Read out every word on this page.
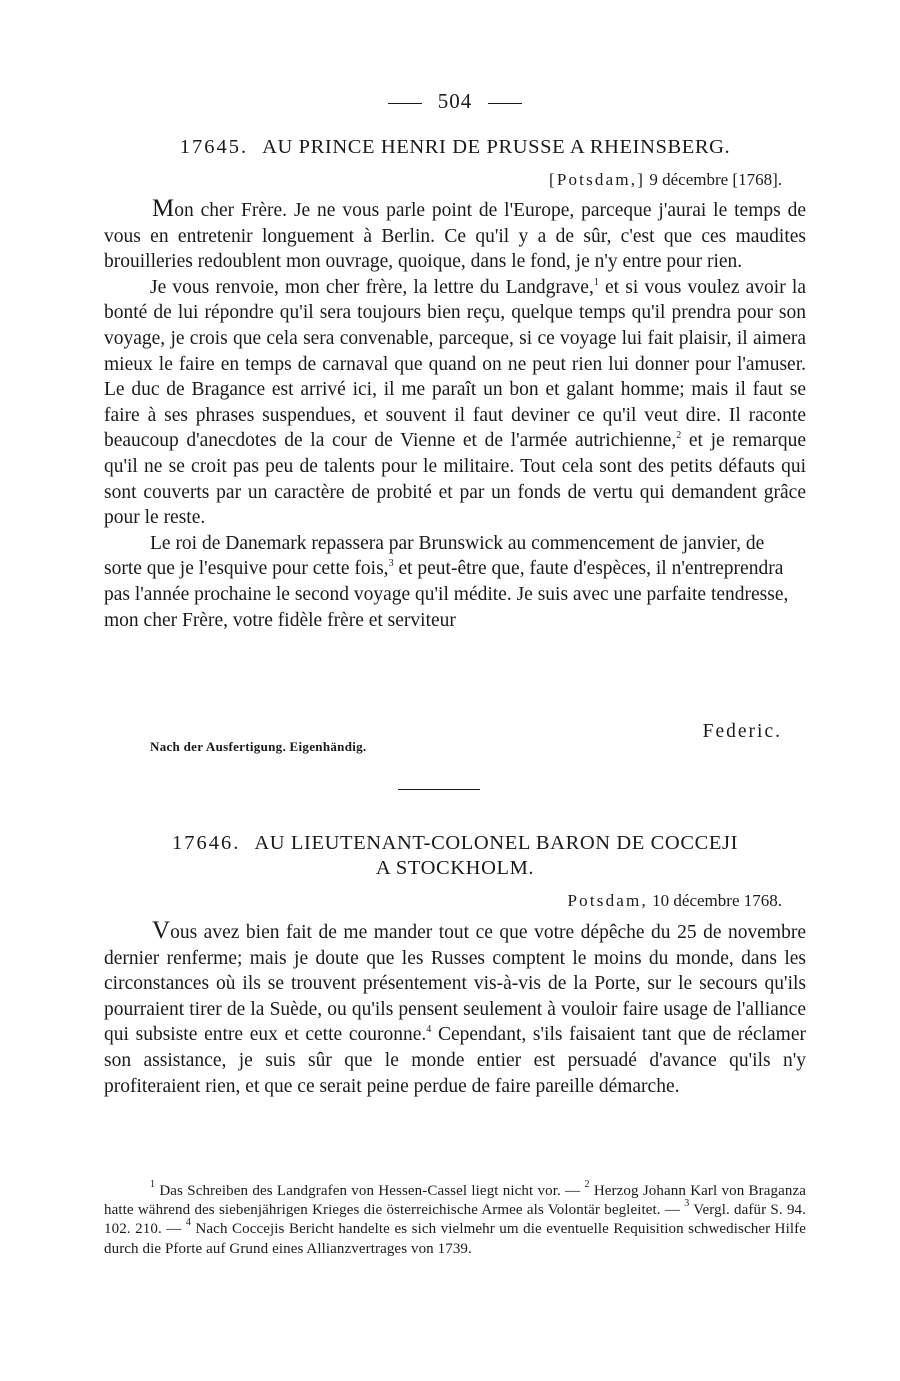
504
17645. AU PRINCE HENRI DE PRUSSE A RHEINSBERG.
[Potsdam,] 9 décembre [1768].

Mon cher Frère. Je ne vous parle point de l'Europe, parceque j'aurai le temps de vous en entretenir longuement à Berlin. Ce qu'il y a de sûr, c'est que ces maudites brouilleries redoublent mon ouvrage, quoique, dans le fond, je n'y entre pour rien.

Je vous renvoie, mon cher frère, la lettre du Landgrave,$^1$ et si vous voulez avoir la bonté de lui répondre qu'il sera toujours bien reçu, quelque temps qu'il prendra pour son voyage, je crois que cela sera convenable, parceque, si ce voyage lui fait plaisir, il aimera mieux le faire en temps de carnaval que quand on ne peut rien lui donner pour l'amuser. Le duc de Bragance est arrivé ici, il me paraît un bon et galant homme; mais il faut se faire à ses phrases suspendues, et souvent il faut deviner ce qu'il veut dire. Il raconte beaucoup d'anecdotes de la cour de Vienne et de l'armée autrichienne,$^2$ et je remarque qu'il ne se croit pas peu de talents pour le militaire. Tout cela sont des petits défauts qui sont couverts par un caractère de probité et par un fonds de vertu qui demandent grâce pour le reste.

Le roi de Danemark repassera par Brunswick au commencement de janvier, de sorte que je l'esquive pour cette fois,$^3$ et peut-être que, faute d'espèces, il n'entreprendra pas l'année prochaine le second voyage qu'il médite. Je suis avec une parfaite tendresse, mon cher Frère, votre fidèle frère et serviteur

Federic.
Nach der Ausfertigung. Eigenhändig.
17646. AU LIEUTENANT-COLONEL BARON DE COCCEJI
A STOCKHOLM.
Potsdam, 10 décembre 1768.

Vous avez bien fait de me mander tout ce que votre dépêche du 25 de novembre dernier renferme; mais je doute que les Russes comptent le moins du monde, dans les circonstances où ils se trouvent présentement vis-à-vis de la Porte, sur le secours qu'ils pourraient tirer de la Suède, ou qu'ils pensent seulement à vouloir faire usage de l'alliance qui subsiste entre eux et cette couronne.$^4$ Cependant, s'ils faisaient tant que de réclamer son assistance, je suis sûr que le monde entier est persuadé d'avance qu'ils n'y profiteraient rien, et que ce serait peine perdue de faire pareille démarche.

$^1$ Das Schreiben des Landgrafen von Hessen-Cassel liegt nicht vor. — $^2$ Herzog Johann Karl von Braganza hatte während des siebenjährigen Krieges die österreichische Armee als Volontär begleitet. — $^3$ Vergl. dafür S. 94. 102. 210. — $^4$ Nach Coccejis Bericht handelte es sich vielmehr um die eventuelle Requisition schwedischer Hilfe durch die Pforte auf Grund eines Allianzvertrages von 1739.
